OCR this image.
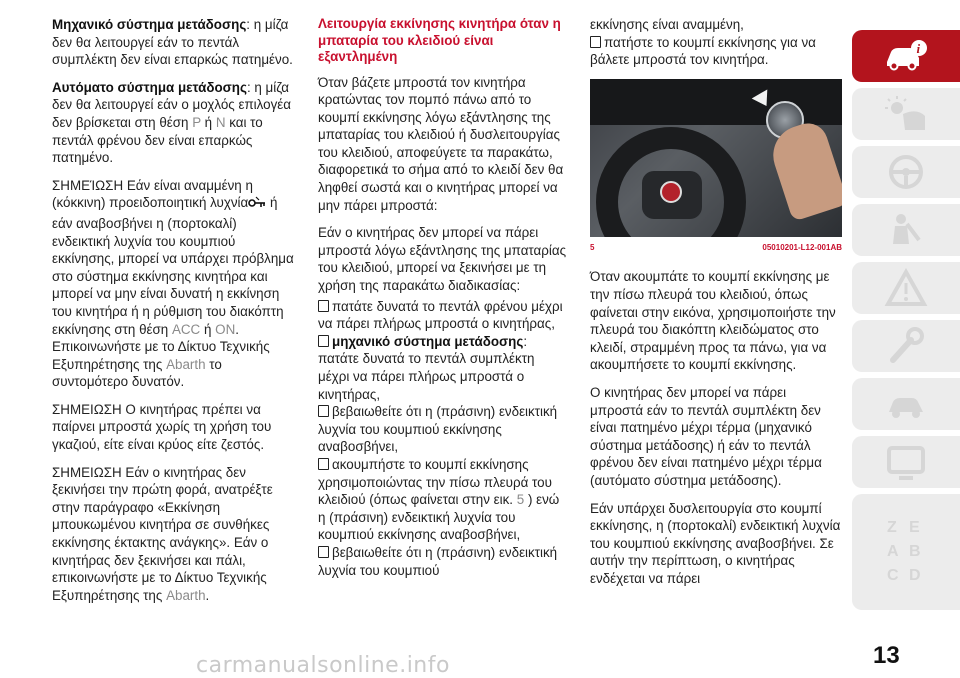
Μηχανικό σύστημα μετάδοσης: η μίζα δεν θα λειτουργεί εάν το πεντάλ συμπλέκτη δεν είναι επαρκώς πατημένο.

Αυτόματο σύστημα μετάδοσης: η μίζα δεν θα λειτουργεί εάν ο μοχλός επιλογέα δεν βρίσκεται στη θέση P ή N και το πεντάλ φρένου δεν είναι επαρκώς πατημένο.

ΣΗΜΕΊΩΣΗ Εάν είναι αναμμένη η (κόκκινη) προειδοποιητική λυχνία ή εάν αναβοσβήνει η (πορτοκαλί) ενδεικτική λυχνία του κουμπιού εκκίνησης, μπορεί να υπάρχει πρόβλημα στο σύστημα εκκίνησης κινητήρα και μπορεί να μην είναι δυνατή η εκκίνηση του κινητήρα ή η ρύθμιση του διακόπτη εκκίνησης στη θέση ACC ή ON. Επικοινωνήστε με το Δίκτυο Τεχνικής Εξυπηρέτησης της Abarth το συντομότερο δυνατόν.

ΣΗΜΕΙΩΣΗ Ο κινητήρας πρέπει να παίρνει μπροστά χωρίς τη χρήση του γκαζιού, είτε είναι κρύος είτε ζεστός.

ΣΗΜΕΙΩΣΗ Εάν ο κινητήρας δεν ξεκινήσει την πρώτη φορά, ανατρέξτε στην παράγραφο «Εκκίνηση μπουκωμένου κινητήρα σε συνθήκες εκκίνησης έκτακτης ανάγκης». Εάν ο κινητήρας δεν ξεκινήσει και πάλι, επικοινωνήστε με το Δίκτυο Τεχνικής Εξυπηρέτησης της Abarth.

Λειτουργία εκκίνησης κινητήρα όταν η μπαταρία του κλειδιού είναι εξαντλημένη

Όταν βάζετε μπροστά τον κινητήρα κρατώντας τον πομπό πάνω από το κουμπί εκκίνησης λόγω εξάντλησης της μπαταρίας του κλειδιού ή δυσλειτουργίας του κλειδιού, αποφεύγετε τα παρακάτω, διαφορετικά το σήμα από το κλειδί δεν θα ληφθεί σωστά και ο κινητήρας μπορεί να μην πάρει μπροστά:

Εάν ο κινητήρας δεν μπορεί να πάρει μπροστά λόγω εξάντλησης της μπαταρίας του κλειδιού, μπορεί να ξεκινήσει με τη χρήση της παρακάτω διαδικασίας:

πατάτε δυνατά το πεντάλ φρένου μέχρι να πάρει πλήρως μπροστά ο κινητήρας,
μηχανικό σύστημα μετάδοσης: πατάτε δυνατά το πεντάλ συμπλέκτη μέχρι να πάρει πλήρως μπροστά ο κινητήρας,
βεβαιωθείτε ότι η (πράσινη) ενδεικτική λυχνία του κουμπιού εκκίνησης αναβοσβήνει,
ακουμπήστε το κουμπί εκκίνησης χρησιμοποιώντας την πίσω πλευρά του κλειδιού (όπως φαίνεται στην εικ. 5 ) ενώ η (πράσινη) ενδεικτική λυχνία του κουμπιού εκκίνησης αναβοσβήνει,
βεβαιωθείτε ότι η (πράσινη) ενδεικτική λυχνία του κουμπιού
εκκίνησης είναι αναμμένη,
πατήστε το κουμπί εκκίνησης για να βάλετε μπροστά τον κινητήρα.
5	05010201-L12-001AB

Όταν ακουμπάτε το κουμπί εκκίνησης με την πίσω πλευρά του κλειδιού, όπως φαίνεται στην εικόνα, χρησιμοποιήστε την πλευρά του διακόπτη κλειδώματος στο κλειδί, στραμμένη προς τα πάνω, για να ακουμπήσετε το κουμπί εκκίνησης.

Ο κινητήρας δεν μπορεί να πάρει μπροστά εάν το πεντάλ συμπλέκτη δεν είναι πατημένο μέχρι τέρμα (μηχανικό σύστημα μετάδοσης) ή εάν το πεντάλ φρένου δεν είναι πατημένο μέχρι τέρμα (αυτόματο σύστημα μετάδοσης).

Εάν υπάρχει δυσλειτουργία στο κουμπί εκκίνησης, η (πορτοκαλί) ενδεικτική λυχνία του κουμπιού εκκίνησης αναβοσβήνει. Σε αυτήν την περίπτωση, ο κινητήρας ενδέχεται να πάρει

i
Z E
A B
C D
carmanualsonline.info	13
